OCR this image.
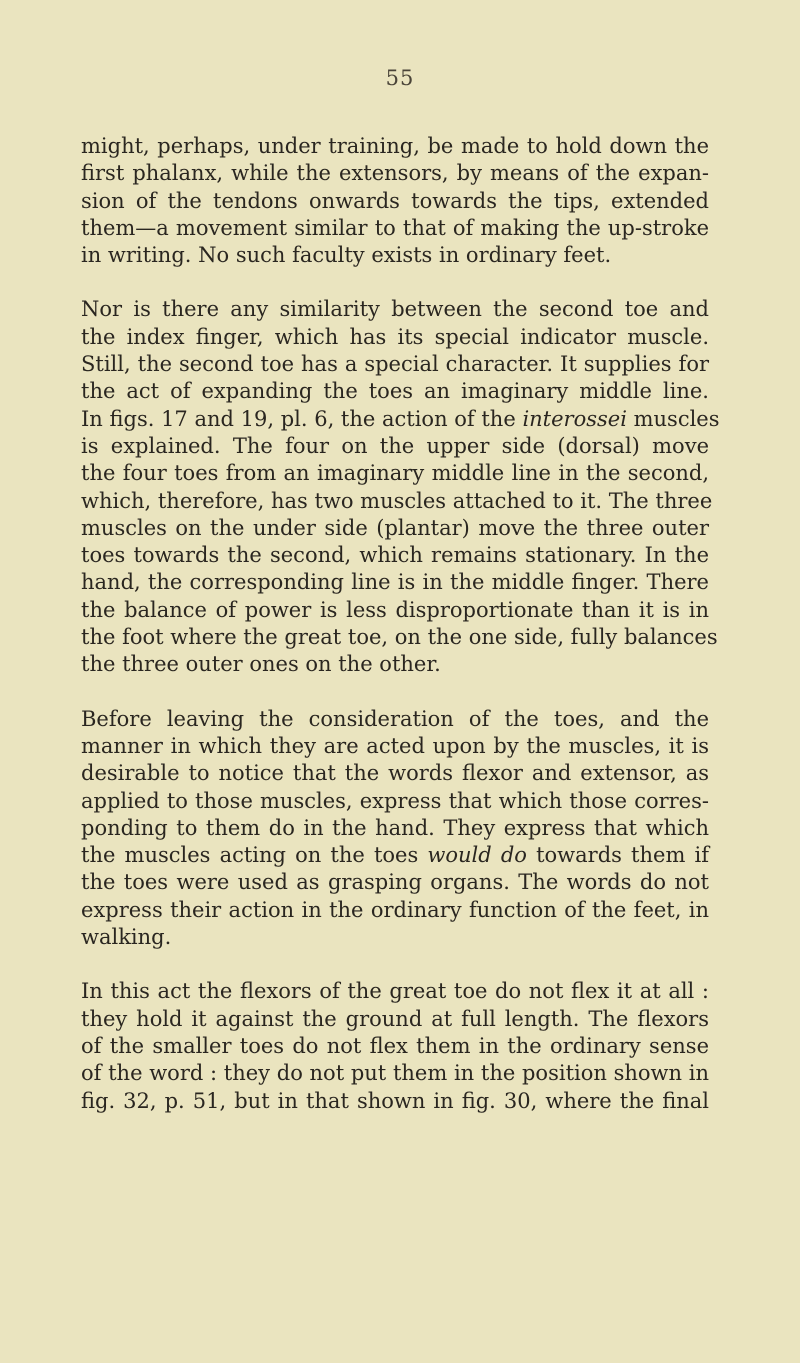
55

might, perhaps, under training, be made to hold down the
first phalanx, while the extensors, by means of the expan-
sion of the tendons onwards towards the tips, extended
them—a movement similar to that of making the up-stroke
in writing. No such faculty exists in ordinary feet.

Nor is there any similarity between the second toe and
the index finger, which has its special indicator muscle.
Still, the second toe has a special character. It supplies for
the act of expanding the toes an imaginary middle line.
In figs. 17 and 19, pl. 6, the action of the interossei muscles
is explained. The four on the upper side (dorsal) move
the four toes from an imaginary middle line in the second,
which, therefore, has two muscles attached to it. The three
muscles on the under side (plantar) move the three outer
toes towards the second, which remains stationary. In the
hand, the corresponding line is in the middle finger. There
the balance of power is less disproportionate than it is in
the foot where the great toe, on the one side, fully balances
the three outer ones on the other.

Before leaving the consideration of the toes, and the
manner in which they are acted upon by the muscles, it is
desirable to notice that the words flexor and extensor, as
applied to those muscles, express that which those corres-
ponding to them do in the hand. They express that which
the muscles acting on the toes would do towards them if
the toes were used as grasping organs. The words do not
express their action in the ordinary function of the feet, in
walking.

In this act the flexors of the great toe do not flex it at all :
they hold it against the ground at full length. The flexors
of the smaller toes do not flex them in the ordinary sense
of the word : they do not put them in the position shown in
fig. 32, p. 51, but in that shown in fig. 30, where the final
